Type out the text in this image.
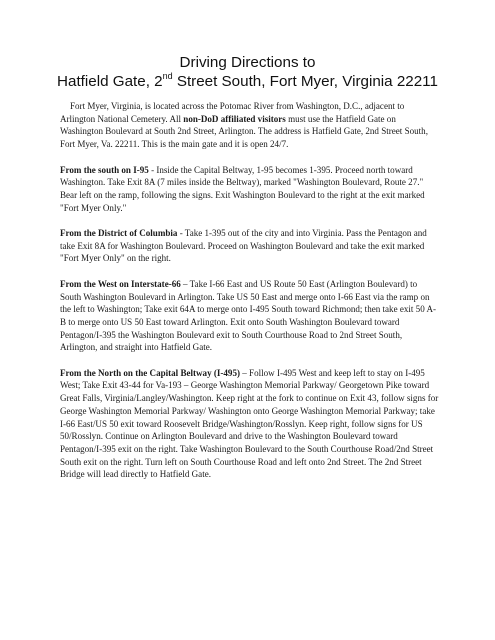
Driving Directions to
Hatfield Gate, 2nd Street South, Fort Myer, Virginia 22211

Fort Myer, Virginia, is located across the Potomac River from Washington, D.C., adjacent to Arlington National Cemetery. All non-DoD affiliated visitors must use the Hatfield Gate on Washington Boulevard at South 2nd Street, Arlington. The address is Hatfield Gate, 2nd Street South, Fort Myer, Va. 22211. This is the main gate and it is open 24/7.

From the south on I-95 - Inside the Capital Beltway, 1-95 becomes 1-395. Proceed north toward Washington. Take Exit 8A (7 miles inside the Beltway), marked "Washington Boulevard, Route 27." Bear left on the ramp, following the signs. Exit Washington Boulevard to the right at the exit marked "Fort Myer Only."

From the District of Columbia - Take 1-395 out of the city and into Virginia. Pass the Pentagon and take Exit 8A for Washington Boulevard. Proceed on Washington Boulevard and take the exit marked "Fort Myer Only" on the right.

From the West on Interstate-66 – Take I-66 East and US Route 50 East (Arlington Boulevard) to South Washington Boulevard in Arlington. Take US 50 East and merge onto I-66 East via the ramp on the left to Washington; Take exit 64A to merge onto I-495 South toward Richmond; then take exit 50 A-B to merge onto US 50 East toward Arlington. Exit onto South Washington Boulevard toward Pentagon/I-395 the Washington Boulevard exit to South Courthouse Road to 2nd Street South, Arlington, and straight into Hatfield Gate.

From the North on the Capital Beltway (I-495) – Follow I-495 West and keep left to stay on I-495 West; Take Exit 43-44 for Va-193 – George Washington Memorial Parkway/ Georgetown Pike toward Great Falls, Virginia/Langley/Washington. Keep right at the fork to continue on Exit 43, follow signs for George Washington Memorial Parkway/ Washington onto George Washington Memorial Parkway; take I-66 East/US 50 exit toward Roosevelt Bridge/Washington/Rosslyn. Keep right, follow signs for US 50/Rosslyn. Continue on Arlington Boulevard and drive to the Washington Boulevard toward Pentagon/I-395 exit on the right. Take Washington Boulevard to the South Courthouse Road/2nd Street South exit on the right. Turn left on South Courthouse Road and left onto 2nd Street. The 2nd Street Bridge will lead directly to Hatfield Gate.
